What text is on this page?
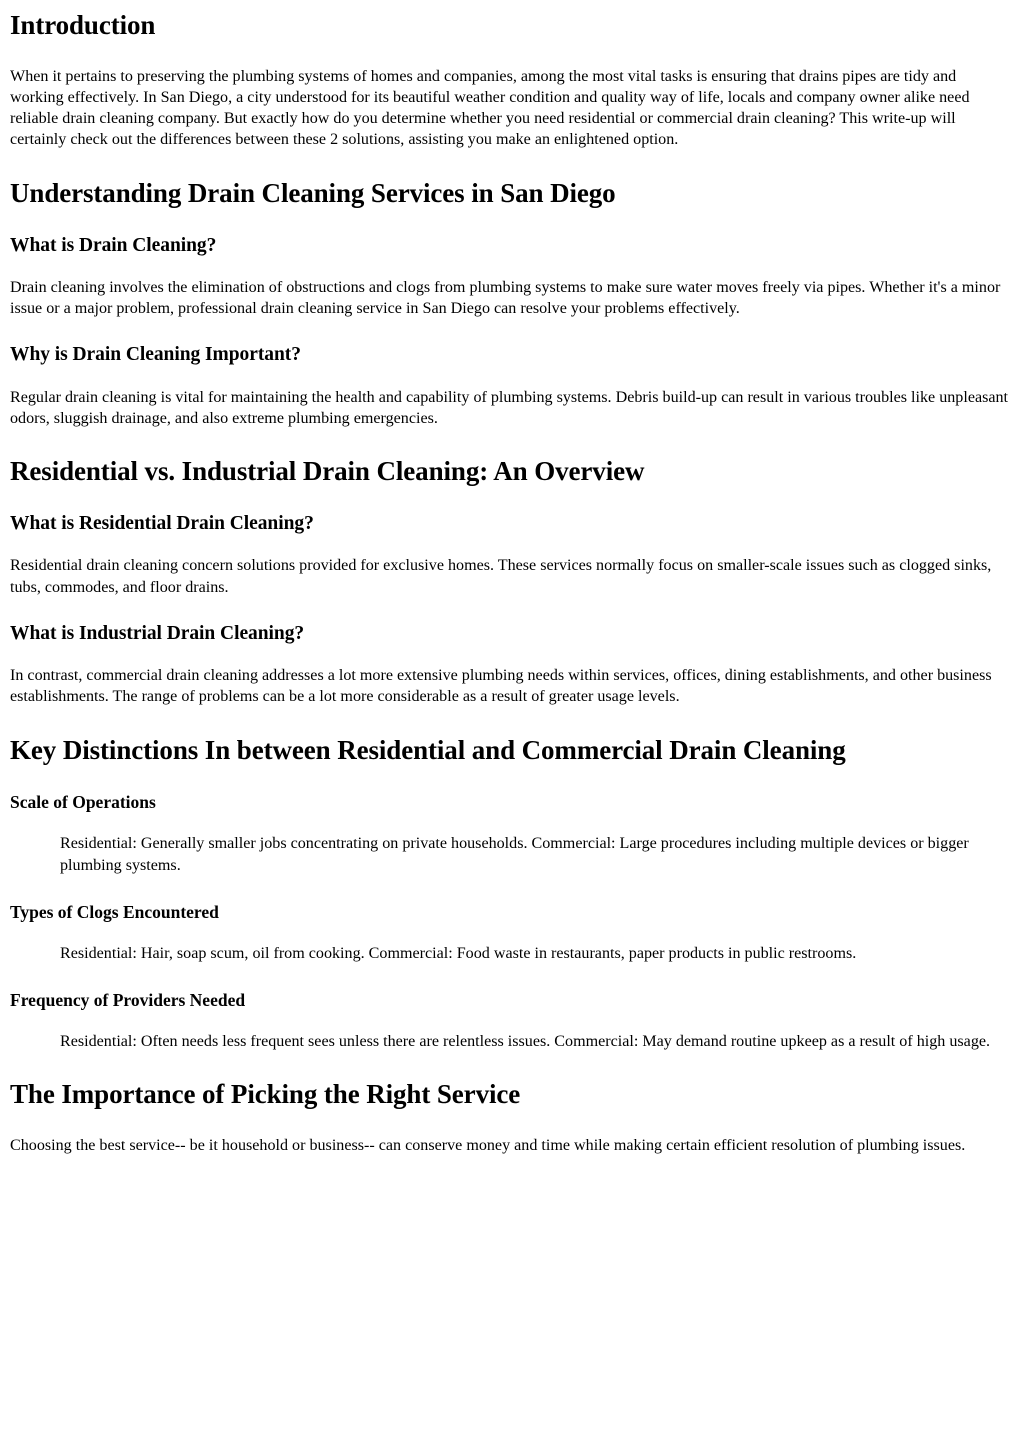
Introduction

When it pertains to preserving the plumbing systems of homes and companies, among the most vital tasks is ensuring that drains pipes are tidy and working effectively. In San Diego, a city understood for its beautiful weather condition and quality way of life, locals and company owner alike need reliable drain cleaning company. But exactly how do you determine whether you need residential or commercial drain cleaning? This write-up will certainly check out the differences between these 2 solutions, assisting you make an enlightened option.

Understanding Drain Cleaning Services in San Diego
What is Drain Cleaning?

Drain cleaning involves the elimination of obstructions and clogs from plumbing systems to make sure water moves freely via pipes. Whether it's a minor issue or a major problem, professional drain cleaning service in San Diego can resolve your problems effectively.

Why is Drain Cleaning Important?

Regular drain cleaning is vital for maintaining the health and capability of plumbing systems. Debris build-up can result in various troubles like unpleasant odors, sluggish drainage, and also extreme plumbing emergencies.

Residential vs. Industrial Drain Cleaning: An Overview
What is Residential Drain Cleaning?

Residential drain cleaning concern solutions provided for exclusive homes. These services normally focus on smaller-scale issues such as clogged sinks, tubs, commodes, and floor drains.

What is Industrial Drain Cleaning?

In contrast, commercial drain cleaning addresses a lot more extensive plumbing needs within services, offices, dining establishments, and other business establishments. The range of problems can be a lot more considerable as a result of greater usage levels.

Key Distinctions In between Residential and Commercial Drain Cleaning
Scale of Operations
Residential: Generally smaller jobs concentrating on private households. Commercial: Large procedures including multiple devices or bigger plumbing systems.
Types of Clogs Encountered
Residential: Hair, soap scum, oil from cooking. Commercial: Food waste in restaurants, paper products in public restrooms.
Frequency of Providers Needed
Residential: Often needs less frequent sees unless there are relentless issues. Commercial: May demand routine upkeep as a result of high usage.
The Importance of Picking the Right Service

Choosing the best service-- be it household or business-- can conserve money and time while making certain efficient resolution of plumbing issues.
